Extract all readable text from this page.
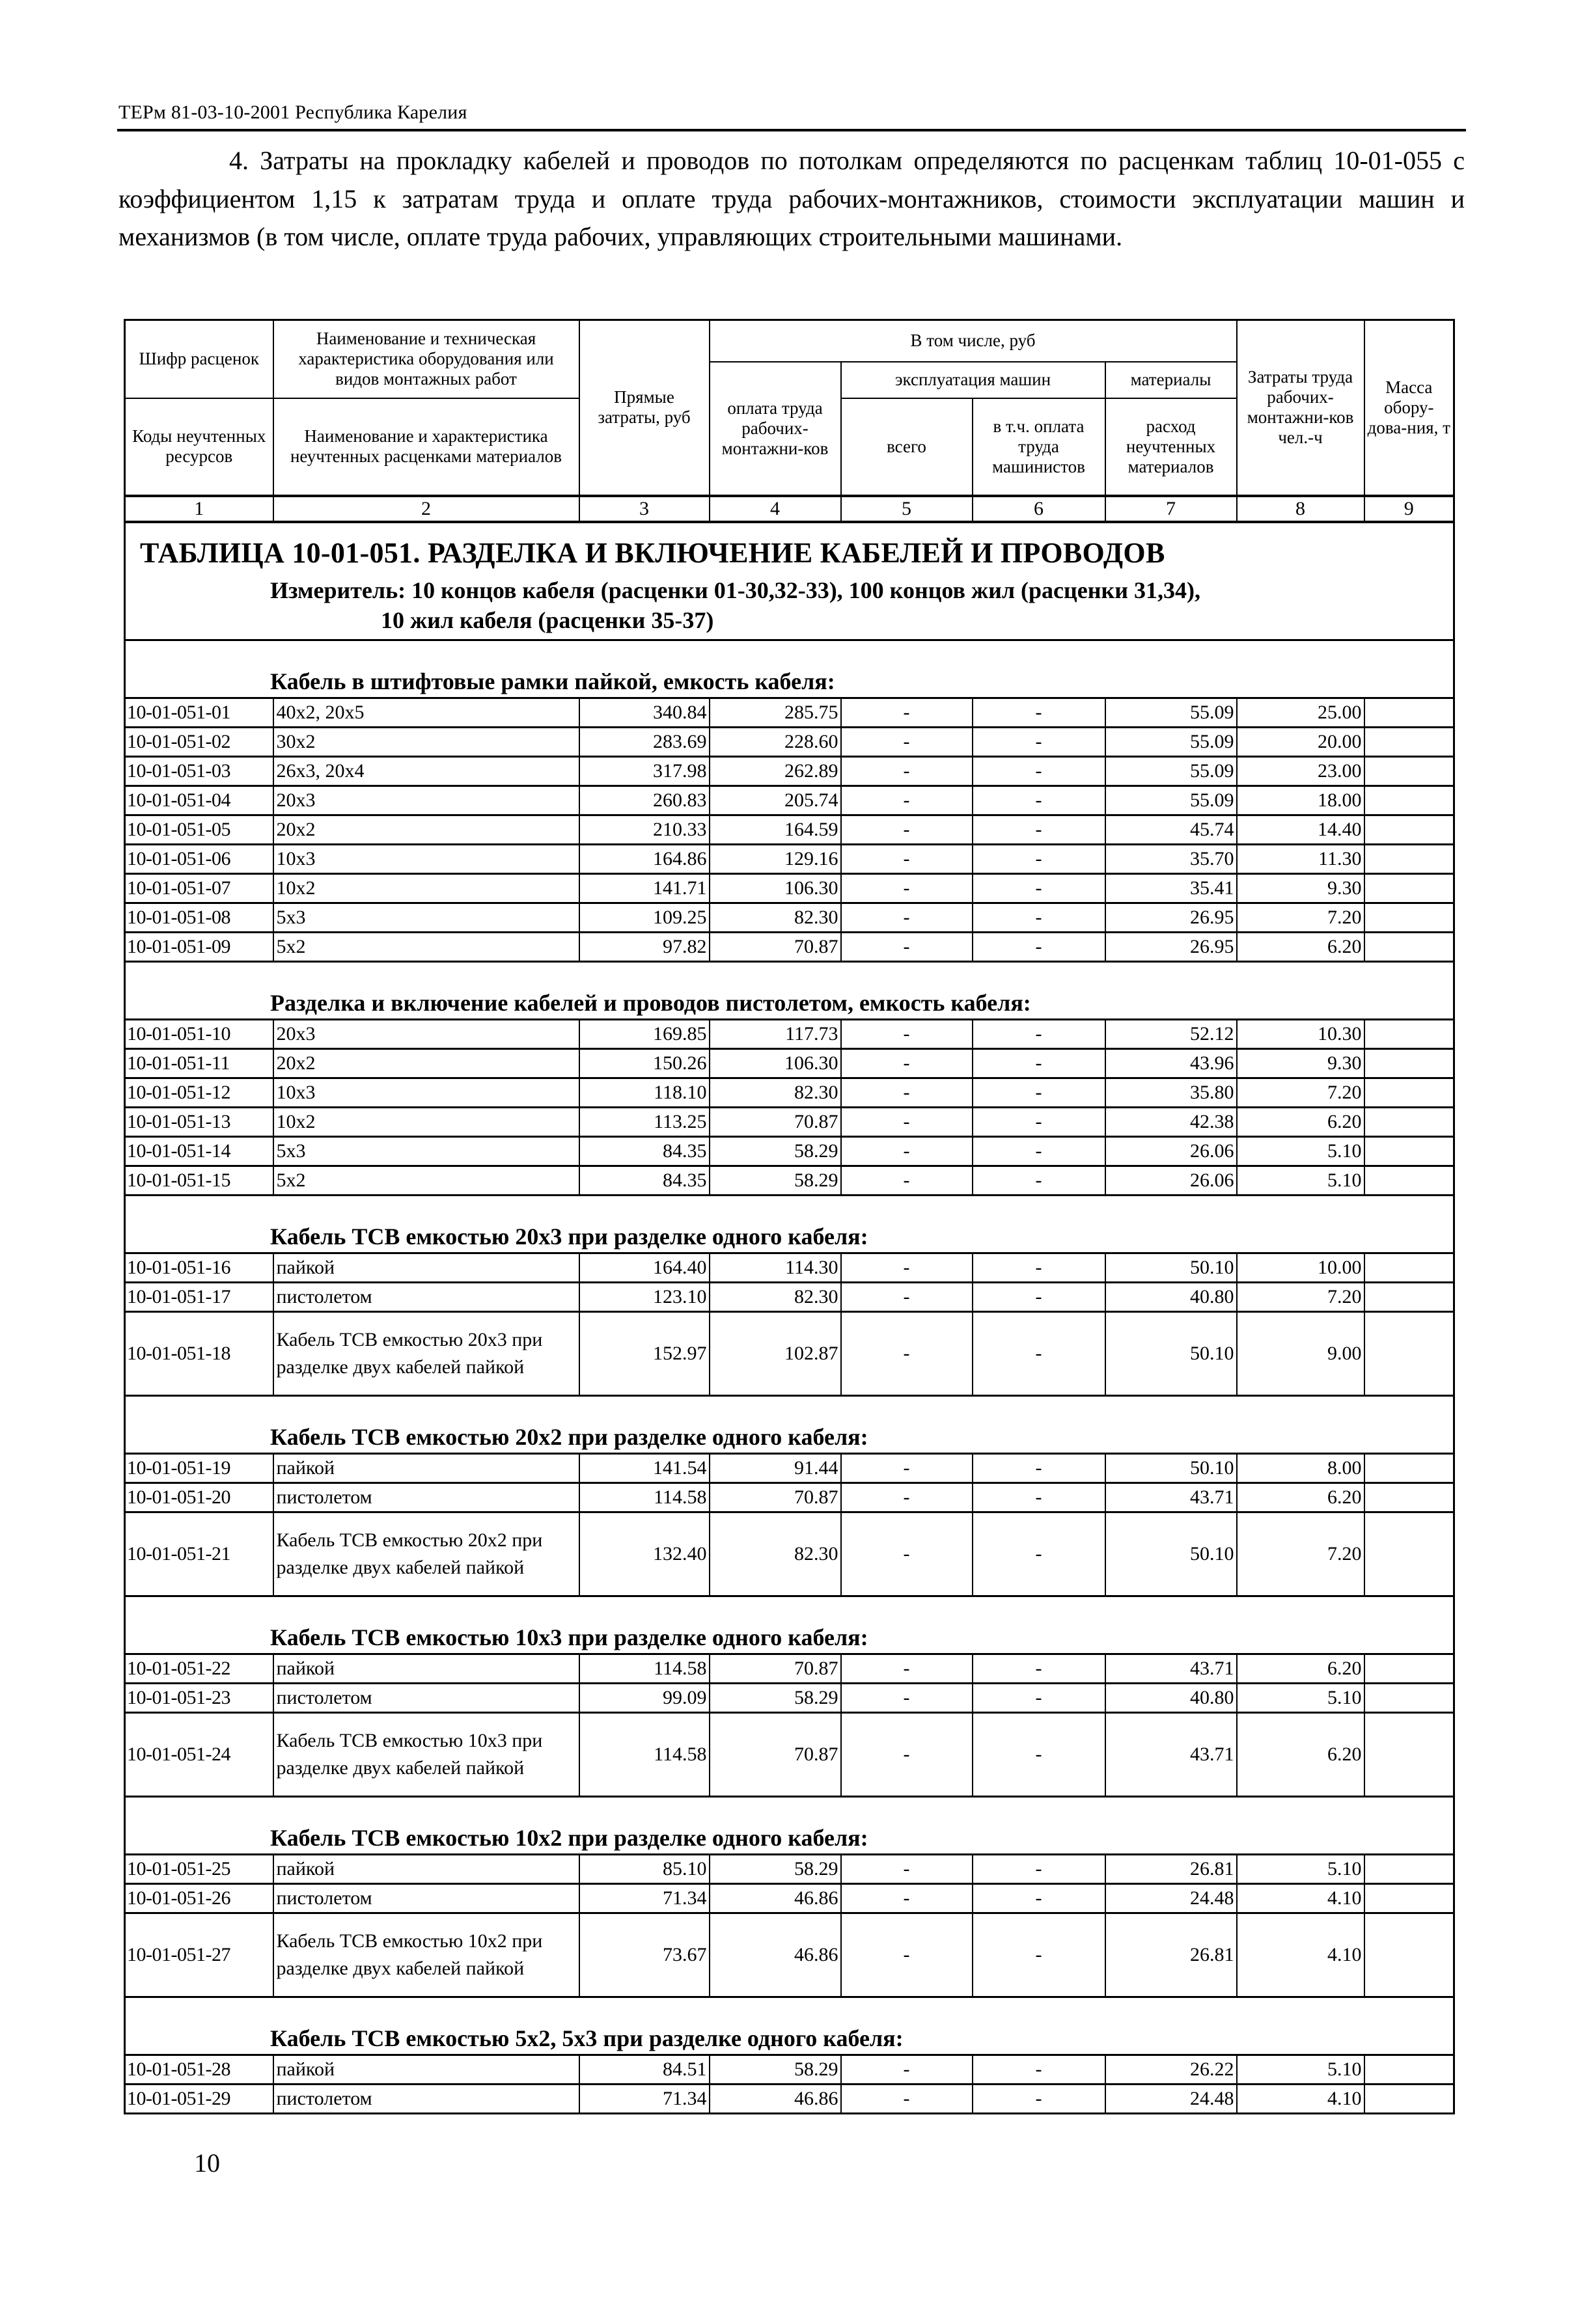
ТЕРм 81-03-10-2001 Республика Карелия
4. Затраты на прокладку кабелей и проводов по потолкам определяются по расценкам таблиц 10-01-055 с коэффициентом 1,15 к затратам труда и оплате труда рабочих-монтажников, стоимости эксплуатации машин и механизмов (в том числе, оплате труда рабочих, управляющих строительными машинами.
Шифр расценок	Наименование и техническая характеристика оборудования или видов монтажных работ	Прямые затраты, руб	В том числе, руб				Затраты труда рабочих-монтажни-ков чел.-ч	Масса обору-дова-ния, т
			оплата труда рабочих-монтажни-ков	эксплуатация машин		материалы		
Коды неучтенных ресурсов	Наименование и характеристика неучтенных расценками материалов			всего	в т.ч. оплата труда машинистов	расход неучтенных материалов		

1	2	3	4	5	6	7	8	9

ТАБЛИЦА 10-01-051. РАЗДЕЛКА И ВКЛЮЧЕНИЕ КАБЕЛЕЙ И ПРОВОДОВ
Измеритель: 10 концов кабеля (расценки 01-30,32-33), 100 концов жил (расценки 31,34),
10 жил кабеля (расценки 35-37)								

Кабель в штифтовые рамки пайкой, емкость кабеля:								
10-01-051-01	40x2, 20x5	340.84	285.75	-	-	55.09	25.00	
10-01-051-02	30x2	283.69	228.60	-	-	55.09	20.00	
10-01-051-03	26x3, 20x4	317.98	262.89	-	-	55.09	23.00	
10-01-051-04	20x3	260.83	205.74	-	-	55.09	18.00	
10-01-051-05	20x2	210.33	164.59	-	-	45.74	14.40	
10-01-051-06	10x3	164.86	129.16	-	-	35.70	11.30	
10-01-051-07	10x2	141.71	106.30	-	-	35.41	9.30	
10-01-051-08	5x3	109.25	82.30	-	-	26.95	7.20	
10-01-051-09	5x2	97.82	70.87	-	-	26.95	6.20	
Разделка и включение кабелей и проводов пистолетом, емкость кабеля:								
10-01-051-10	20x3	169.85	117.73	-	-	52.12	10.30	
10-01-051-11	20x2	150.26	106.30	-	-	43.96	9.30	
10-01-051-12	10x3	118.10	82.30	-	-	35.80	7.20	
10-01-051-13	10x2	113.25	70.87	-	-	42.38	6.20	
10-01-051-14	5x3	84.35	58.29	-	-	26.06	5.10	
10-01-051-15	5x2	84.35	58.29	-	-	26.06	5.10	
Кабель ТСВ емкостью 20x3 при разделке одного кабеля:								
10-01-051-16	пайкой	164.40	114.30	-	-	50.10	10.00	
10-01-051-17	пистолетом	123.10	82.30	-	-	40.80	7.20	
10-01-051-18	Кабель ТСВ емкостью 20x3 при разделке двух кабелей пайкой	152.97	102.87	-	-	50.10	9.00	
Кабель ТСВ емкостью 20x2 при разделке одного кабеля:								
10-01-051-19	пайкой	141.54	91.44	-	-	50.10	8.00	
10-01-051-20	пистолетом	114.58	70.87	-	-	43.71	6.20	
10-01-051-21	Кабель ТСВ емкостью 20x2 при разделке двух кабелей пайкой	132.40	82.30	-	-	50.10	7.20	
Кабель ТСВ емкостью 10x3 при разделке одного кабеля:								
10-01-051-22	пайкой	114.58	70.87	-	-	43.71	6.20	
10-01-051-23	пистолетом	99.09	58.29	-	-	40.80	5.10	
10-01-051-24	Кабель ТСВ емкостью 10x3 при разделке двух кабелей пайкой	114.58	70.87	-	-	43.71	6.20	
Кабель ТСВ емкостью 10x2 при разделке одного кабеля:								
10-01-051-25	пайкой	85.10	58.29	-	-	26.81	5.10	
10-01-051-26	пистолетом	71.34	46.86	-	-	24.48	4.10	
10-01-051-27	Кабель ТСВ емкостью 10x2 при разделке двух кабелей пайкой	73.67	46.86	-	-	26.81	4.10	
Кабель ТСВ емкостью 5x2, 5x3 при разделке одного кабеля:								
10-01-051-28	пайкой	84.51	58.29	-	-	26.22	5.10	
10-01-051-29	пистолетом	71.34	46.86	-	-	24.48	4.10	
10
